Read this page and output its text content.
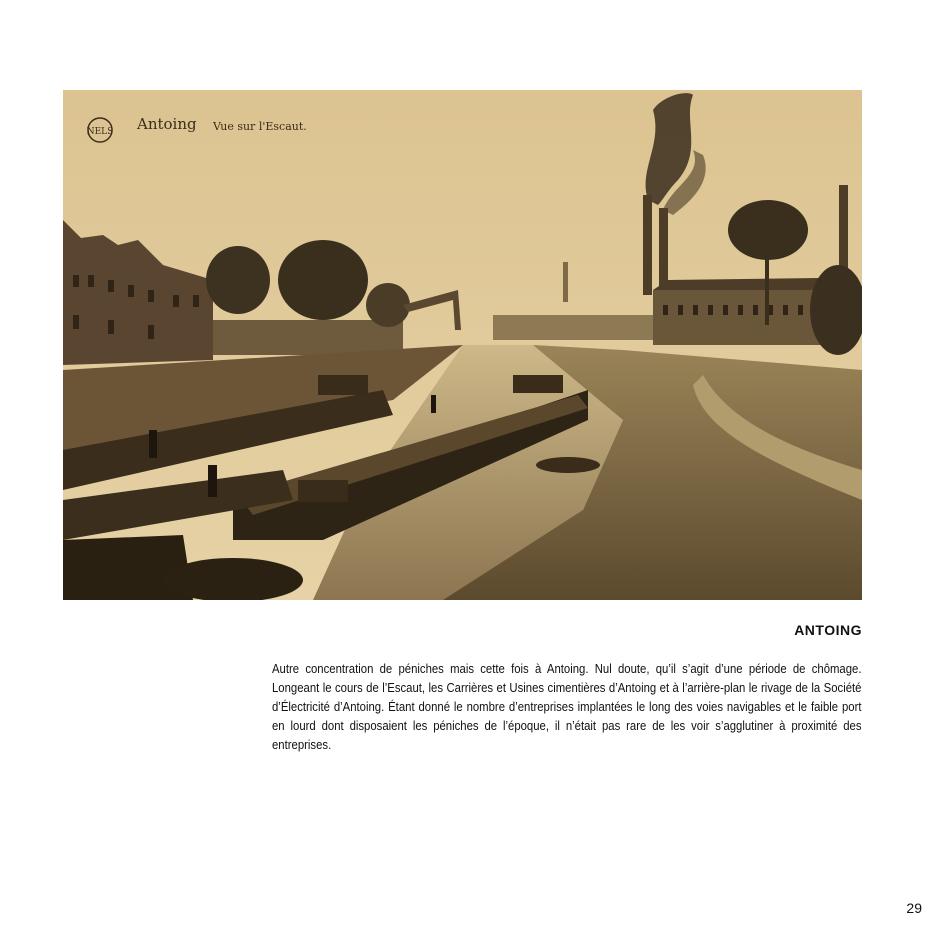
NELS Antoing Vue sur l'Escaut.
ANTOING

Autre concentration de péniches mais cette fois à Antoing. Nul doute, qu’il s’agit d’une période de chômage. Longeant le cours de l’Escaut, les Carrières et Usines cimentières d’Antoing et à l’arrière-plan le rivage de la Société d’Électricité d’Antoing. Étant donné le nombre d’entreprises implantées le long des voies navigables et le faible port en lourd dont disposaient les péniches de l’époque, il n’était pas rare de les voir s’agglutiner à proximité des entreprises.

29
